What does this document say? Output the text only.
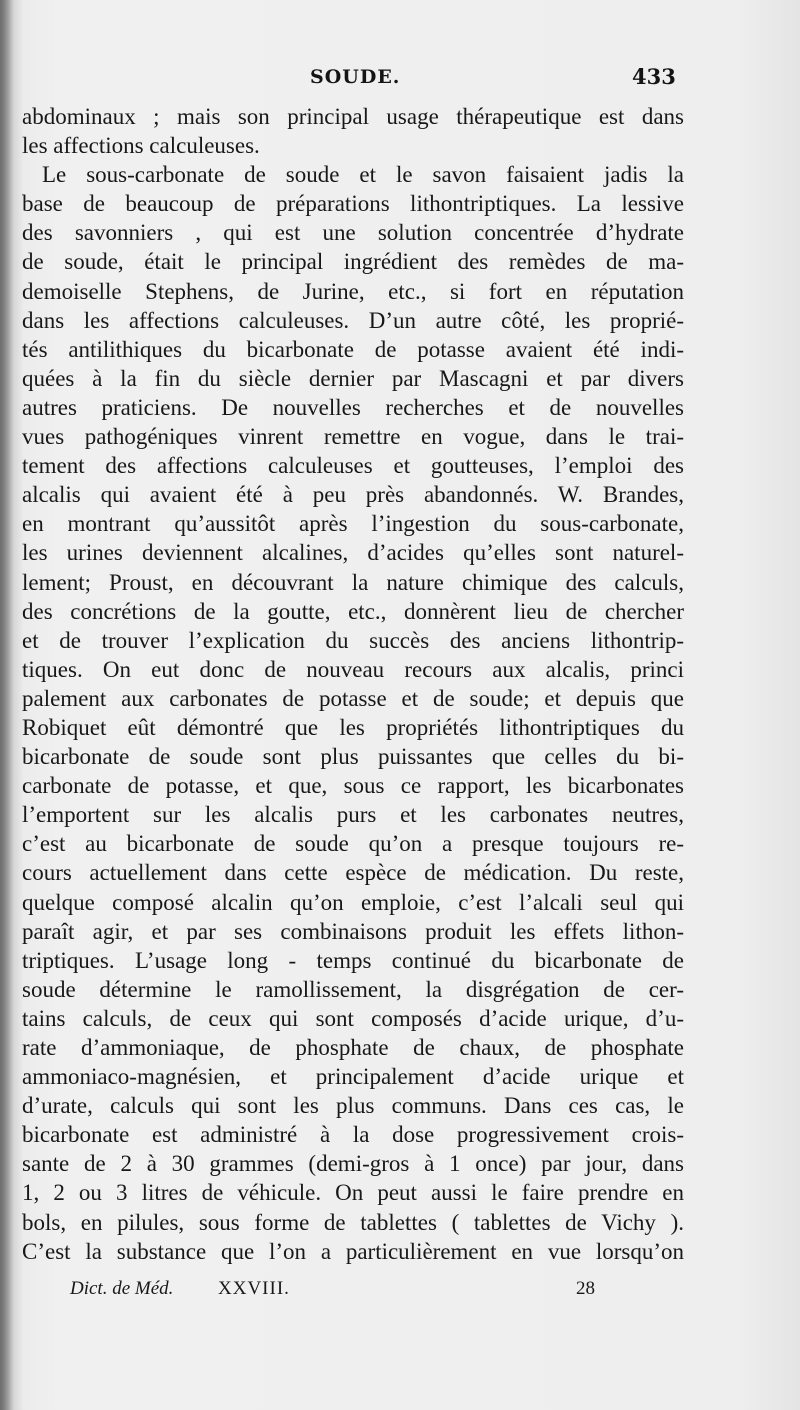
SOUDE.	433
abdominaux ; mais son principal usage thérapeutique est dans
les affections calculeuses.
Le sous-carbonate de soude et le savon faisaient jadis la
base de beaucoup de préparations lithontriptiques. La lessive
des savonniers , qui est une solution concentrée d’hydrate
de soude, était le principal ingrédient des remèdes de ma-
demoiselle Stephens, de Jurine, etc., si fort en réputation
dans les affections calculeuses. D’un autre côté, les proprié-
tés antilithiques du bicarbonate de potasse avaient été indi-
quées à la fin du siècle dernier par Mascagni et par divers
autres praticiens. De nouvelles recherches et de nouvelles
vues pathogéniques vinrent remettre en vogue, dans le trai-
tement des affections calculeuses et goutteuses, l’emploi des
alcalis qui avaient été à peu près abandonnés. W. Brandes,
en montrant qu’aussitôt après l’ingestion du sous-carbonate,
les urines deviennent alcalines, d’acides qu’elles sont naturel-
lement; Proust, en découvrant la nature chimique des calculs,
des concrétions de la goutte, etc., donnèrent lieu de chercher
et de trouver l’explication du succès des anciens lithontrip-
tiques. On eut donc de nouveau recours aux alcalis, princi
palement aux carbonates de potasse et de soude; et depuis que
Robiquet eût démontré que les propriétés lithontriptiques du
bicarbonate de soude sont plus puissantes que celles du bi-
carbonate de potasse, et que, sous ce rapport, les bicarbonates
l’emportent sur les alcalis purs et les carbonates neutres,
c’est au bicarbonate de soude qu’on a presque toujours re-
cours actuellement dans cette espèce de médication. Du reste,
quelque composé alcalin qu’on emploie, c’est l’alcali seul qui
paraît agir, et par ses combinaisons produit les effets lithon-
triptiques. L’usage long - temps continué du bicarbonate de
soude détermine le ramollissement, la disgrégation de cer-
tains calculs, de ceux qui sont composés d’acide urique, d’u-
rate d’ammoniaque, de phosphate de chaux, de phosphate
ammoniaco-magnésien, et principalement d’acide urique et
d’urate, calculs qui sont les plus communs. Dans ces cas, le
bicarbonate est administré à la dose progressivement crois-
sante de 2 à 30 grammes (demi-gros à 1 once) par jour, dans
1, 2 ou 3 litres de véhicule. On peut aussi le faire prendre en
bols, en pilules, sous forme de tablettes ( tablettes de Vichy ).
C’est la substance que l’on a particulièrement en vue lorsqu’on
Dict. de Méd. XXVIII.	28
